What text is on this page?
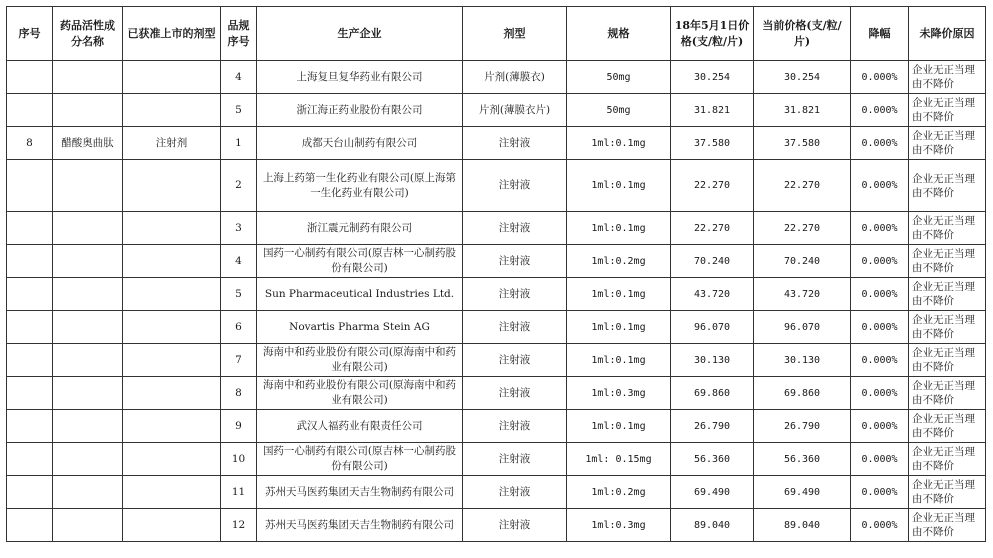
序号	药品活性成分名称	已获准上市的剂型	品规序号	生产企业	剂型	规格	18年5月1日价格(支/粒/片)	当前价格(支/粒/片)	降幅	未降价原因
			4	上海复旦复华药业有限公司	片剂(薄膜衣)	50mg	30.254	30.254	0.000%	企业无正当理由不降价
			5	浙江海正药业股份有限公司	片剂(薄膜衣片)	50mg	31.821	31.821	0.000%	企业无正当理由不降价
8	醋酸奥曲肽	注射剂	1	成都天台山制药有限公司	注射液	1ml:0.1mg	37.580	37.580	0.000%	企业无正当理由不降价
			2	上海上药第一生化药业有限公司(原上海第一生化药业有限公司)	注射液	1ml:0.1mg	22.270	22.270	0.000%	企业无正当理由不降价
			3	浙江震元制药有限公司	注射液	1ml:0.1mg	22.270	22.270	0.000%	企业无正当理由不降价
			4	国药一心制药有限公司(原吉林一心制药股份有限公司)	注射液	1ml:0.2mg	70.240	70.240	0.000%	企业无正当理由不降价
			5	Sun Pharmaceutical Industries Ltd.	注射液	1ml:0.1mg	43.720	43.720	0.000%	企业无正当理由不降价
			6	Novartis Pharma Stein AG	注射液	1ml:0.1mg	96.070	96.070	0.000%	企业无正当理由不降价
			7	海南中和药业股份有限公司(原海南中和药业有限公司)	注射液	1ml:0.1mg	30.130	30.130	0.000%	企业无正当理由不降价
			8	海南中和药业股份有限公司(原海南中和药业有限公司)	注射液	1ml:0.3mg	69.860	69.860	0.000%	企业无正当理由不降价
			9	武汉人福药业有限责任公司	注射液	1ml:0.1mg	26.790	26.790	0.000%	企业无正当理由不降价
			10	国药一心制药有限公司(原吉林一心制药股份有限公司)	注射液	1ml: 0.15mg	56.360	56.360	0.000%	企业无正当理由不降价
			11	苏州天马医药集团天吉生物制药有限公司	注射液	1ml:0.2mg	69.490	69.490	0.000%	企业无正当理由不降价
			12	苏州天马医药集团天吉生物制药有限公司	注射液	1ml:0.3mg	89.040	89.040	0.000%	企业无正当理由不降价
